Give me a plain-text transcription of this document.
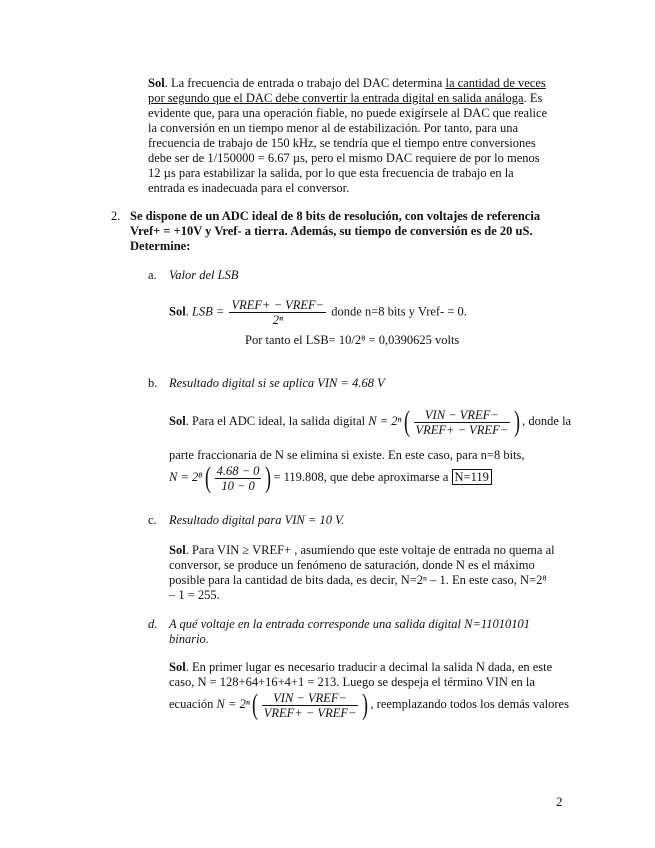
Sol. La frecuencia de entrada o trabajo del DAC determina la cantidad de veces
por segundo que el DAC debe convertir la entrada digital en salida análoga. Es
evidente que, para una operación fiable, no puede exigírsele al DAC que realice
la conversión en un tiempo menor al de estabilización. Por tanto, para una
frecuencia de trabajo de 150 kHz, se tendría que el tiempo entre conversiones
debe ser de 1/150000 = 6.67 µs, pero el mismo DAC requiere de por lo menos
12 µs para estabilizar la salida, por lo que esta frecuencia de trabajo en la
entrada es inadecuada para el conversor.
2. Se dispone de un ADC ideal de 8 bits de resolución, con voltajes de referencia
Vref+ = +10V y Vref- a tierra. Además, su tiempo de conversión es de 20 uS.
Determine:
a. Valor del LSB
Sol. LSB = $\frac{\text{VREF+ − VREF−}}{\text{2ⁿ}}$ donde n=8 bits y Vref- = 0.
Por tanto el LSB= 10/2⁸ = 0,0390625 volts
b. Resultado digital si se aplica VIN = 4.68 V
Sol. Para el ADC ideal, la salida digital $N = 2^n( \frac{\text{VIN − VREF−}}{\text{VREF+ − VREF−}}$ ) , donde la
parte fraccionaria de N se elimina si existe. En este caso, para n=8 bits,
$N = 2^8( \frac{4.68 - 0}{10 - 0}$ ) = 119.808, que debe aproximarse a N=119
c. Resultado digital para VIN = 10 V.
Sol. Para VIN ≥ VREF+ , asumiendo que este voltaje de entrada no quema al
conversor, se produce un fenómeno de saturación, donde N es el máximo
posible para la cantidad de bits dada, es decir, N=2ⁿ – 1. En este caso, N=2⁸
– 1 = 255.
d. A qué voltaje en la entrada corresponde una salida digital N=11010101
binario.
Sol. En primer lugar es necesario traducir a decimal la salida N dada, en este
caso, N = 128+64+16+4+1 = 213. Luego se despeja el término VIN en la
ecuación $N = 2^n( \frac{\text{VIN − VREF−}}{\text{VREF+ − VREF−}}$ ) , reemplazando todos los demás valores
2
